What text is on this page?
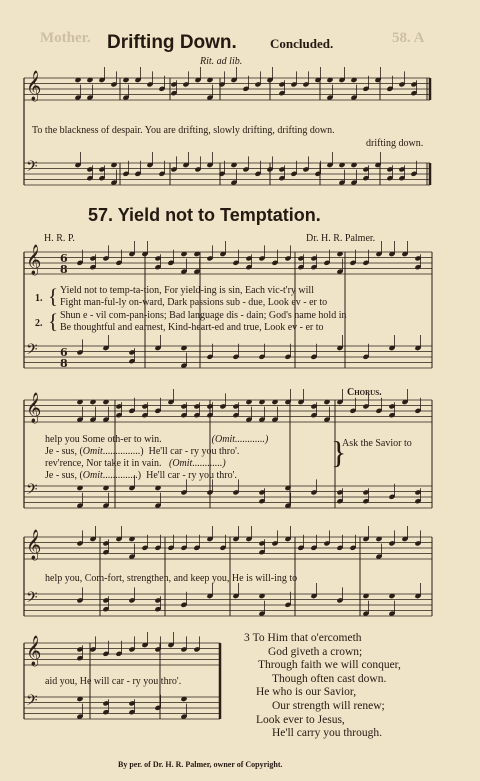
𝄞
𝄢
𝄞
𝄢
𝄞
𝄢
𝄞
𝄢
𝄞
𝄢
6
8
6
8
Mother.	58. A
Drifting Down.	Concluded.
Rit. ad lib.
To the blackness of despair. You are drifting, slowly drifting, drifting down.
drifting down.
57. Yield not to Temptation.
H. R. P.	Dr. H. R. Palmer.
1.
2.
{
{
Yield not to temp-ta-tion, For yield-ing is sin, Each vic-t'ry will
Fight man-ful-ly on-ward, Dark passions sub - due, Look ev - er to
Shun e - vil com-pan-ions; Bad language dis - dain; God's name hold in
Be thoughtful and earnest, Kind-heart-ed and true, Look ev - er to
help you Some oth-er to win.	(Omit............)
Je - sus, (Omit...............) He'll car - ry you thro'.
rev'rence, Nor take it in vain. (Omit............)
Je - sus, (Omit..............) He'll car - ry you thro'.
}
Chorus.
Ask the Savior to
help you, Com-fort, strengthen, and keep you, He is will-ing to
aid you, He will car - ry you thro'.
3 To Him that o'ercometh
God giveth a crown;
Through faith we will conquer,
Though often cast down.
He who is our Savior,
Our strength will renew;
Look ever to Jesus,
He'll carry you through.
By per. of Dr. H. R. Palmer, owner of Copyright.
